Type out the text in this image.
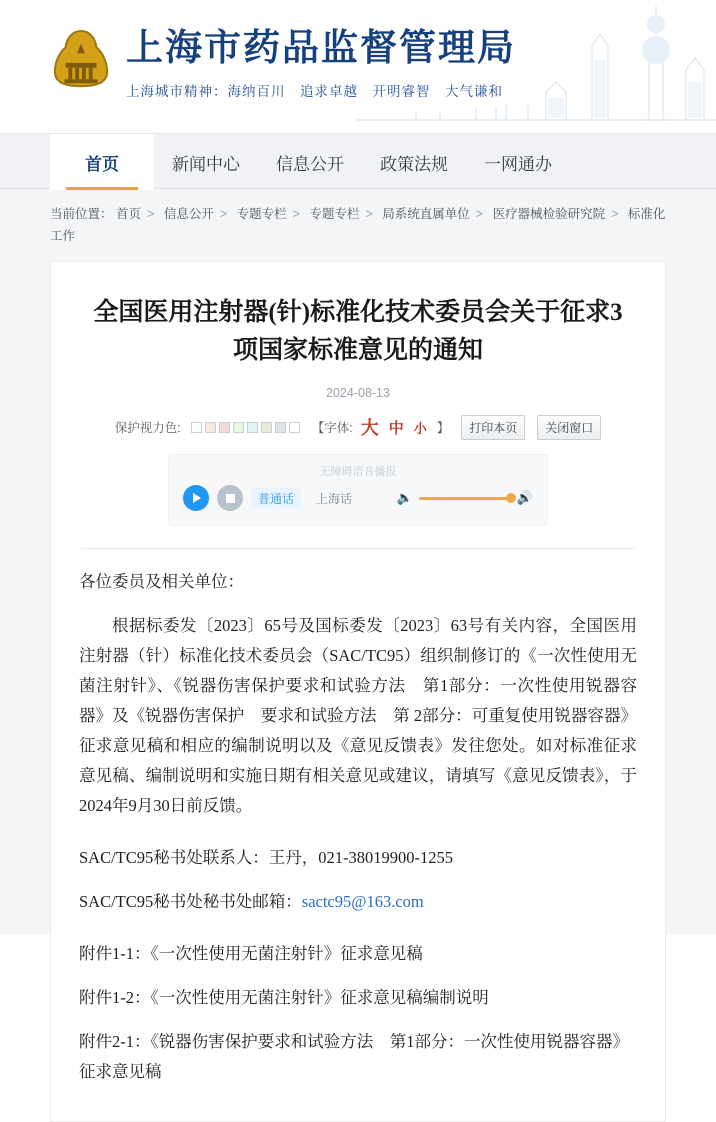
上海市药品监督管理局
上海城市精神：海纳百川　追求卓越　开明睿智　大气谦和
首页	新闻中心 信息公开 政策法规 一网通办
当前位置： 首页 > 信息公开 > 专题专栏 > 专题专栏 > 局系统直属单位 > 医疗器械检验研究院 > 标准化工作
全国医用注射器(针)标准化技术委员会关于征求3项国家标准意见的通知
2024-08-13
保护视力色:	【字体: 大 中 小 】	打印本页	关闭窗口
无障碍语音播报
普通话	上海话	🔈	🔊

各位委员及相关单位：

根据标委发〔2023〕65号及国标委发〔2023〕63号有关内容，全国医用注射器（针）标准化技术委员会（SAC/TC95）组织制修订的《一次性使用无菌注射针》、《锐器伤害保护要求和试验方法　第1部分：一次性使用锐器容器》及《锐器伤害保护　要求和试验方法　第 2部分：可重复使用锐器容器》征求意见稿和相应的编制说明以及《意见反馈表》发往您处。如对标准征求意见稿、编制说明和实施日期有相关意见或建议，请填写《意见反馈表》，于2024年9月30日前反馈。

SAC/TC95秘书处联系人：王丹，021-38019900-1255

SAC/TC95秘书处秘书处邮箱：sactc95@163.com

附件1-1：《一次性使用无菌注射针》征求意见稿

附件1-2：《一次性使用无菌注射针》征求意见稿编制说明

附件2-1：《锐器伤害保护要求和试验方法　第1部分：一次性使用锐器容器》征求意见稿
